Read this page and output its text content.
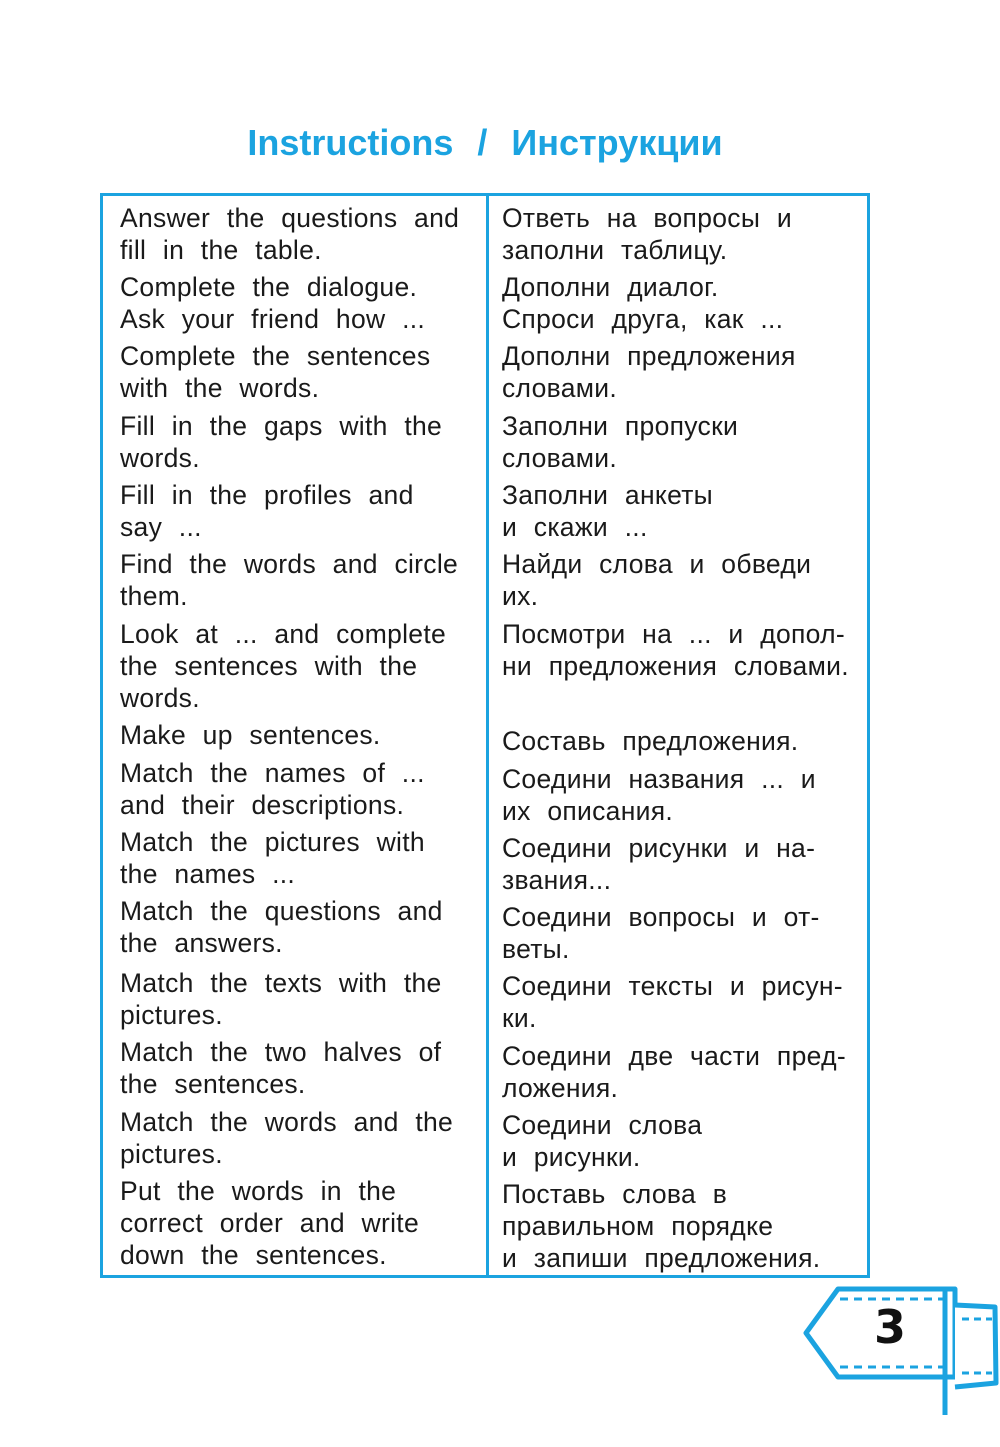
Instructions / Инструкции
Answer the questions and
fill in the table.
Ответь на вопросы и
заполни таблицу.
Complete the dialogue.
Ask your friend how ...
Дополни диалог.
Спроси друга, как ...
Complete the sentences
with the words.
Дополни предложения
словами.
Fill in the gaps with the
words.
Заполни пропуски
словами.
Fill in the profiles and
say ...
Заполни анкеты
и скажи ...
Find the words and circle
them.
Найди слова и обведи
их.
Look at ... and complete
the sentences with the
words.
Посмотри на ... и допол-
ни предложения словами.
Make up sentences.	Составь предложения.
Match the names of ...
and their descriptions.
Соедини названия ... и
их описания.
Match the pictures with
the names ...
Соедини рисунки и на-
звания...
Match the questions and
the answers.
Соедини вопросы и от-
веты.
Match the texts with the
pictures.
Соедини тексты и рисун-
ки.
Match the two halves of
the sentences.
Соедини две части пред-
ложения.
Match the words and the
pictures.
Соедини слова
и рисунки.
Put the words in the
correct order and write
down the sentences.
Поставь слова в
правильном порядке
и запиши предложения.
3
